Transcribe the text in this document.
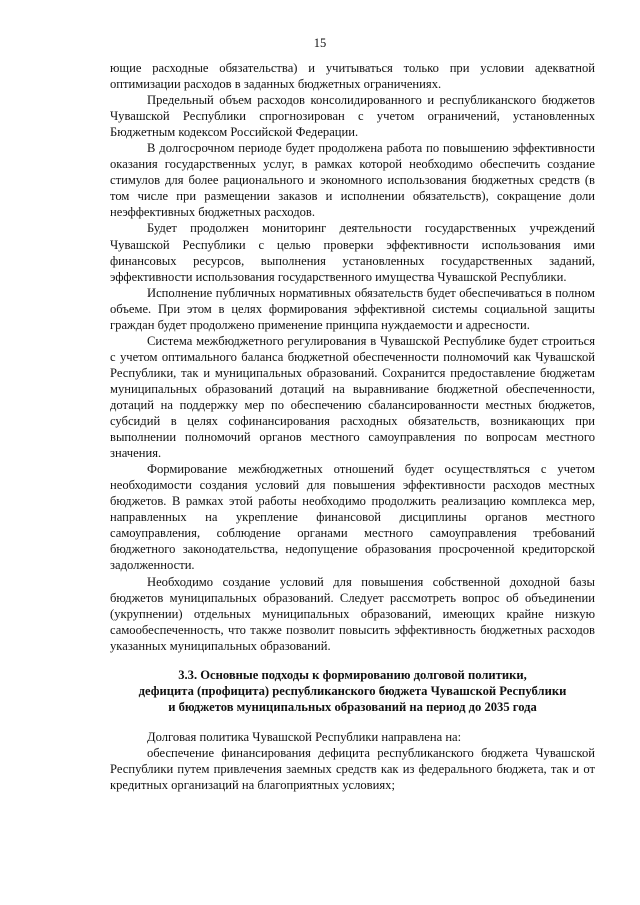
15

ющие расходные обязательства) и учитываться только при условии адекватной оптимизации расходов в заданных бюджетных ограничениях.

Предельный объем расходов консолидированного и республиканского бюджетов Чувашской Республики спрогнозирован с учетом ограничений, установленных Бюджетным кодексом Российской Федерации.

В долгосрочном периоде будет продолжена работа по повышению эффективности оказания государственных услуг, в рамках которой необходимо обеспечить создание стимулов для более рационального и экономного использования бюджетных средств (в том числе при размещении заказов и исполнении обязательств), сокращение доли неэффективных бюджетных расходов.

Будет продолжен мониторинг деятельности государственных учреждений Чувашской Республики с целью проверки эффективности использования ими финансовых ресурсов, выполнения установленных государственных заданий, эффективности использования государственного имущества Чувашской Республики.

Исполнение публичных нормативных обязательств будет обеспечиваться в полном объеме. При этом в целях формирования эффективной системы социальной защиты граждан будет продолжено применение принципа нуждаемости и адресности.

Система межбюджетного регулирования в Чувашской Республике будет строиться с учетом оптимального баланса бюджетной обеспеченности полномочий как Чувашской Республики, так и муниципальных образований. Сохранится предоставление бюджетам муниципальных образований дотаций на выравнивание бюджетной обеспеченности, дотаций на поддержку мер по обеспечению сбалансированности местных бюджетов, субсидий в целях софинансирования расходных обязательств, возникающих при выполнении полномочий органов местного самоуправления по вопросам местного значения.

Формирование межбюджетных отношений будет осуществляться с учетом необходимости создания условий для повышения эффективности расходов местных бюджетов. В рамках этой работы необходимо продолжить реализацию комплекса мер, направленных на укрепление финансовой дисциплины органов местного самоуправления, соблюдение органами местного самоуправления требований бюджетного законодательства, недопущение образования просроченной кредиторской задолженности.

Необходимо создание условий для повышения собственной доходной базы бюджетов муниципальных образований. Следует рассмотреть вопрос об объединении (укрупнении) отдельных муниципальных образований, имеющих крайне низкую самообеспеченность, что также позволит повысить эффективность бюджетных расходов указанных муниципальных образований.

3.3. Основные подходы к формированию долговой политики,
дефицита (профицита) республиканского бюджета Чувашской Республики
и бюджетов муниципальных образований на период до 2035 года

Долговая политика Чувашской Республики направлена на:

обеспечение финансирования дефицита республиканского бюджета Чувашской Республики путем привлечения заемных средств как из федерального бюджета, так и от кредитных организаций на благоприятных условиях;
